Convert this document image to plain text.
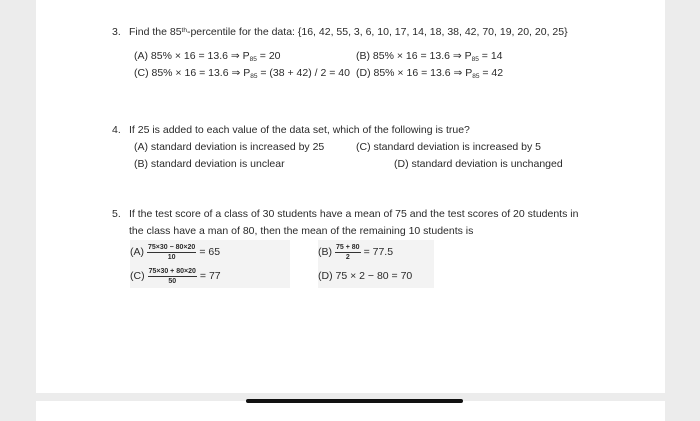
3. Find the 85th-percentile for the data: {16, 42, 55, 3, 6, 10, 17, 14, 18, 38, 42, 70, 19, 20, 20, 25}
(A) 85% × 16 = 13.6 ⇒ $P_{85} = 20$	(B) 85% × 16 = 13.6 ⇒ $P_{85} = 14$
(C) 85% × 16 = 13.6 ⇒ $P_{85} = (38 + 42) / 2 = 40$ (D) 85% × 16 = 13.6 ⇒ $P_{85} = 42$
4. If 25 is added to each value of the data set, which of the following is true?
(A) standard deviation is increased by 25	(C) standard deviation is increased by 5
(B) standard deviation is unclear	(D) standard deviation is unchanged
5. If the test score of a class of 30 students have a mean of 75 and the test scores of 20 students in
the class have a man of 80, then the mean of the remaining 10 students is
$(A) \frac{75\times 30 - 80\times 20}{10} = 65$	$(B) \frac{75 + 80}{2} = 77.5$
$(C) \frac{75\times 30 + 80\times 20}{50} = 77$	(D) 75 × 2 − 80 = 70
